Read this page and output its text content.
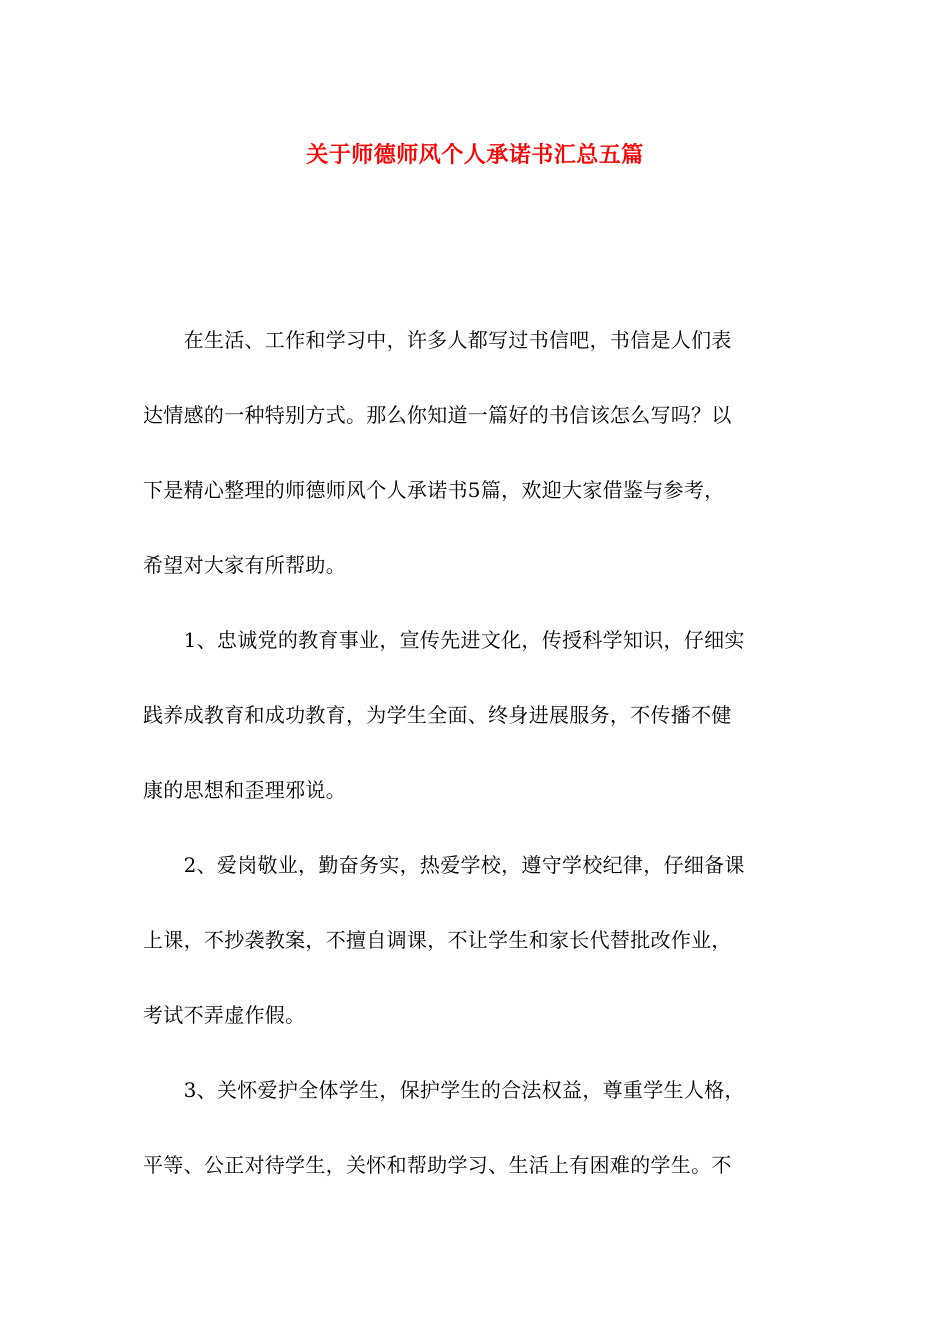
关于师德师风个人承诺书汇总五篇
　　在生活、工作和学习中，许多人都写过书信吧，书信是人们表
达情感的一种特别方式。那么你知道一篇好的书信该怎么写吗？以
下是精心整理的师德师风个人承诺书5篇，欢迎大家借鉴与参考，
希望对大家有所帮助。
　　1、忠诚党的教育事业，宣传先进文化，传授科学知识，仔细实
践养成教育和成功教育，为学生全面、终身进展服务，不传播不健
康的思想和歪理邪说。
　　2、爱岗敬业，勤奋务实，热爱学校，遵守学校纪律，仔细备课
上课，不抄袭教案，不擅自调课，不让学生和家长代替批改作业，
考试不弄虚作假。
　　3、关怀爱护全体学生，保护学生的合法权益，尊重学生人格，
平等、公正对待学生，关怀和帮助学习、生活上有困难的学生。不
